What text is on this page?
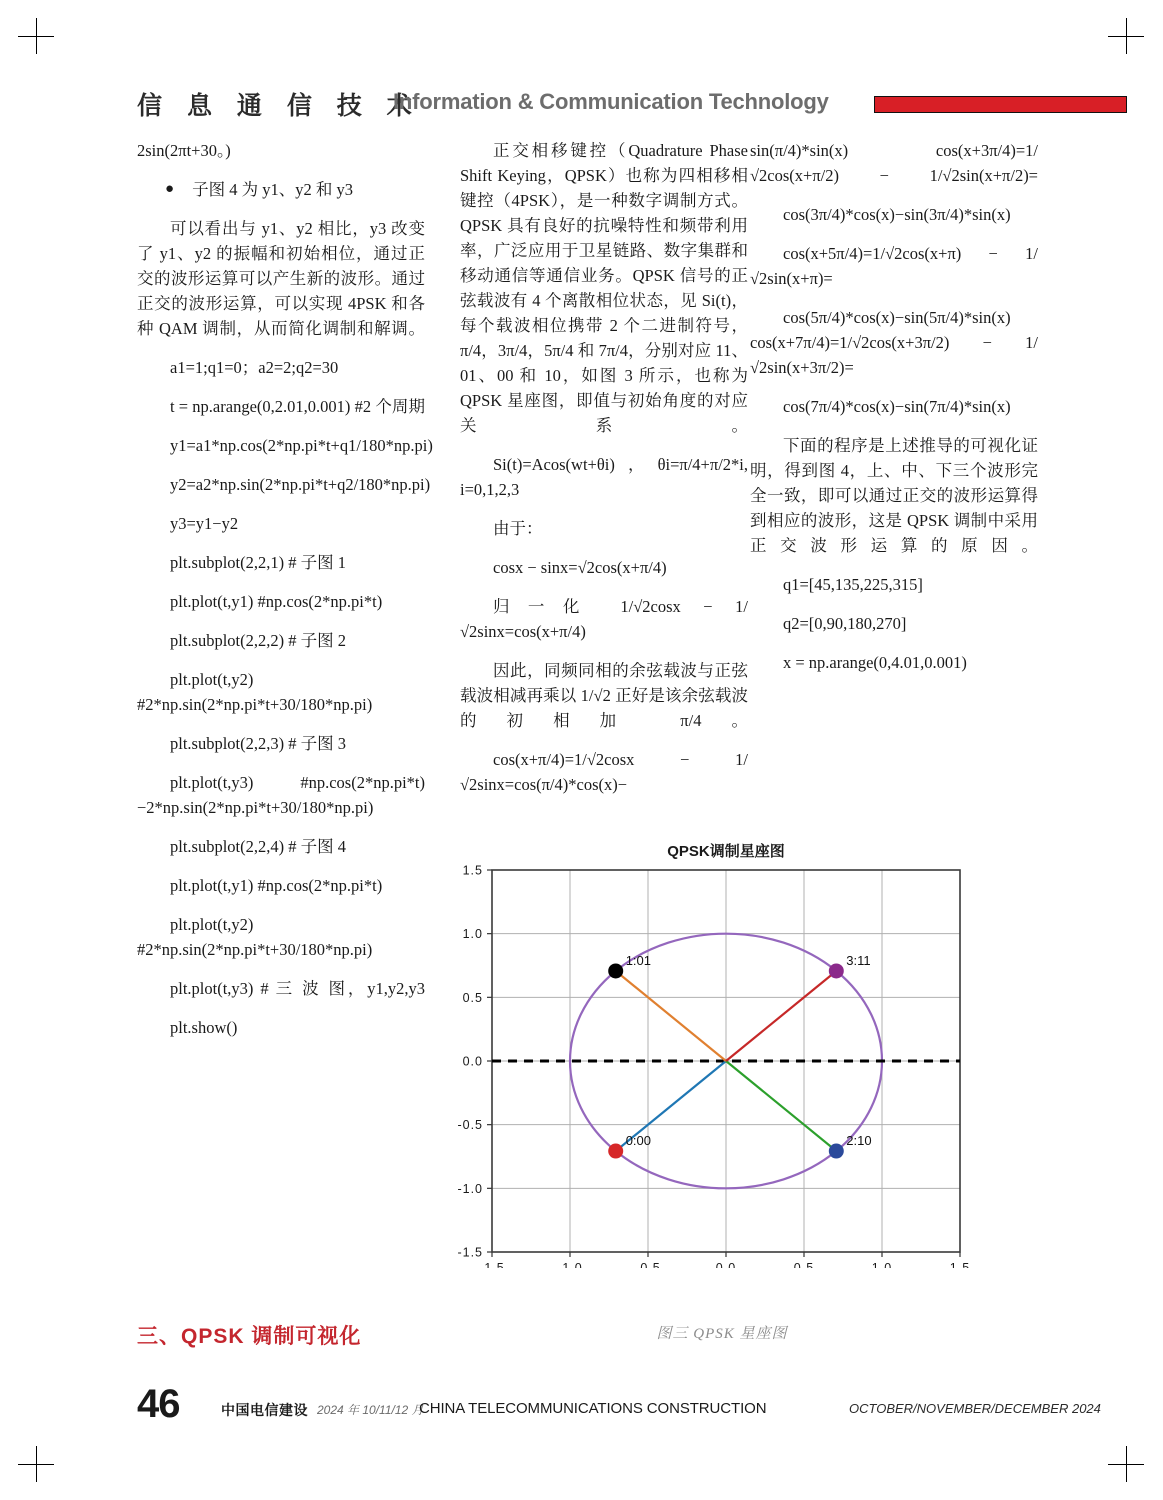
信 息 通 信 技 术
Information & Communication Technology

2sin(2πt+30。)

● 子图 4 为 y1、y2 和 y3

可以看出与 y1、y2 相比，y3 改变了 y1、y2 的振幅和初始相位，通过正交的波形运算可以产生新的波形。通过正交的波形运算，可以实现 4PSK 和各种 QAM 调制，从而简化调制和解调。

a1=1;q1=0；a2=2;q2=30

t = np.arange(0,2.01,0.001) #2 个周期

y1=a1*np.cos(2*np.pi*t+q1/180*np.pi)

y2=a2*np.sin(2*np.pi*t+q2/180*np.pi)

y3=y1−y2

plt.subplot(2,2,1) # 子图 1

plt.plot(t,y1) #np.cos(2*np.pi*t)

plt.subplot(2,2,2) # 子图 2

plt.plot(t,y2) #2*np.sin(2*np.pi*t+30/180*np.pi)

plt.subplot(2,2,3) # 子图 3

plt.plot(t,y3) #np.cos(2*np.pi*t)−2*np.sin(2*np.pi*t+30/180*np.pi)

plt.subplot(2,2,4) # 子图 4

plt.plot(t,y1) #np.cos(2*np.pi*t)

plt.plot(t,y2) #2*np.sin(2*np.pi*t+30/180*np.pi)

plt.plot(t,y3) # 三 波 图，y1,y2,y3

plt.show()

三、QPSK 调制可视化

正交相移键控（Quadrature Phase Shift Keying，QPSK）也称为四相移相键控（4PSK），是一种数字调制方式。QPSK 具有良好的抗噪特性和频带利用率，广泛应用于卫星链路、数字集群和移动通信等通信业务。QPSK 信号的正弦载波有 4 个离散相位状态，见 Si(t)，每个载波相位携带 2 个二进制符号，π/4，3π/4，5π/4 和 7π/4，分别对应 11、01、00 和 10，如图 3 所示，也称为 QPSK 星座图，即值与初始角度的对应关系。

Si(t)=Acos(wt+θi)，θi=π/4+π/2*i, i=0,1,2,3

由于：

cosx − sinx=√2cos(x+π/4)

归一化 1/√2cosx − 1/√2sinx=cos(x+π/4)

因此，同频同相的余弦载波与正弦载波相减再乘以 1/√2 正好是该余弦载波的初相加 π/4。

cos(x+π/4)=1/√2cosx − 1/√2sinx=cos(π/4)*cos(x)−

sin(π/4)*sin(x) cos(x+3π/4)=1/√2cos(x+π/2) − 1/√2sin(x+π/2)=

cos(3π/4)*cos(x)−sin(3π/4)*sin(x)

cos(x+5π/4)=1/√2cos(x+π) − 1/√2sin(x+π)=

cos(5π/4)*cos(x)−sin(5π/4)*sin(x) cos(x+7π/4)=1/√2cos(x+3π/2) − 1/√2sin(x+3π/2)=

cos(7π/4)*cos(x)−sin(7π/4)*sin(x)

下面的程序是上述推导的可视化证明，得到图 4，上、中、下三个波形完全一致，即可以通过正交的波形运算得到相应的波形，这是 QPSK 调制中采用正交波形运算的原因。

q1=[45,135,225,315]

q2=[0,90,180,270]

x = np.arange(0,4.01,0.001)

QPSK调制星座图
-1.5
-1.5
-1.0
-1.0
-0.5
-0.5
0.0
0.0
0.5
0.5
1.0
1.0
1.5
1.5
0:00
1:01
2:10
3:11
图三 QPSK 星座图
46	中国电信建设 2024 年 10/11/12 月
CHINA TELECOMMUNICATIONS CONSTRUCTION	OCTOBER/NOVEMBER/DECEMBER 2024
